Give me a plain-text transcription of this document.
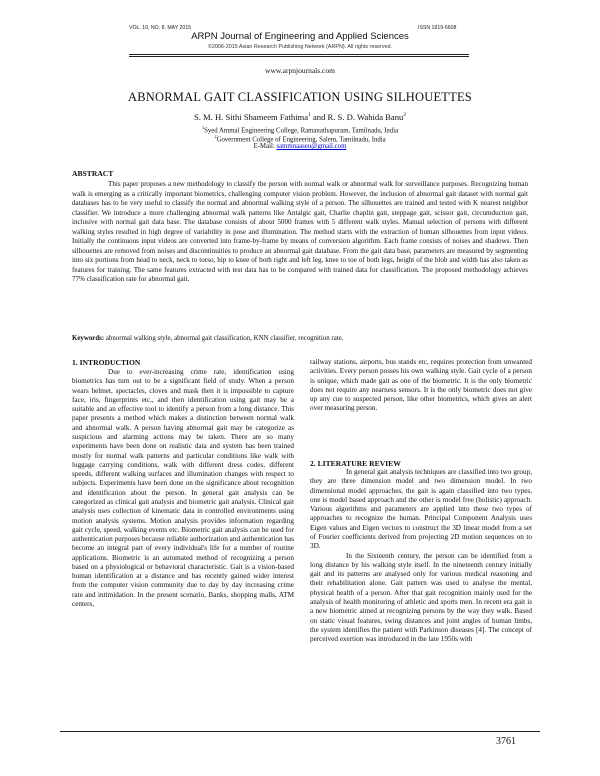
VOL. 10, NO. 8, MAY 2015	ISSN 1819-6608
ARPN Journal of Engineering and Applied Sciences
©2006-2015 Asian Research Publishing Network (ARPN). All rights reserved.
www.arpnjournals.com
ABNORMAL GAIT CLASSIFICATION USING SILHOUETTES
S. M. H. Sithi Shameem Fathima$^1$ and R. S. D. Wahida Banu$^2$
$^1$Syed Ammal Engineering College, Ramanathapuram, Tamilnadu, India
$^2$Government College of Engineering, Salem, Tamilnadu, India
E-Mail: sammnaaseu@gmail.com
ABSTRACT

This paper proposes a new methodology to classify the person with normal walk or abnormal walk for surveillance purposes. Recognizing human walk is emerging as a critically important biometrics, challenging computer vision problem. However, the inclusion of abnormal gait dataset with normal gait databases has to be very useful to classify the normal and abnormal walking style of a person. The silhouettes are trained and tested with K nearest neighbor classifier. We introduce a more challenging abnormal walk patterns like Antalgic gait, Charlie chaplin gait, steppage gait, scissor gait, circumduction gait, inclusive with normal gait data base. The database consists of about 5000 frames with 5 different walk styles. Manual selection of persons with different walking styles resulted in high degree of variability in pose and illumination. The method starts with the extraction of human silhouettes from input videos. Initially the continuous input videos are converted into frame-by-frame by means of conversion algorithm. Each frame consists of noises and shadows. Then silhouettes are removed from noises and discontinuities to produce an abnormal gait database. From the gait data base, parameters are measured by segmenting into six portions from head to neck, neck to torso, hip to knee of both right and left leg, knee to toe of both legs, height of the blob and width has also taken as features for training. The same features extracted with test data has to be compared with trained data for classification. The proposed methodology achieves 77% classification rate for abnormal gait.

Keywords: abnormal walking style, abnormal gait classification, KNN classifier, recognition rate.

1. INTRODUCTION

Due to ever-increasing crime rate, identification using biometrics has turn out to be a significant field of study. When a person wears helmet, spectacles, cloves and mask then it is impossible to capture face, iris, fingerprints etc., and then identification using gait may be a suitable and an effective tool to identify a person from a long distance. This paper presents a method which makes a distinction between normal walk and abnormal walk. A person having abnormal gait may be categorize as suspicious and alarming actions may be taken. There are so many experiments have been done on realistic data and system has been trained mostly for normal walk patterns and particular conditions like walk with luggage carrying conditions, walk with different dress codes, different speeds, different walking surfaces and illumination changes with respect to subjects. Experiments have been done on the significance about recognition and identification about the person. In general gait analysis can be categorized as clinical gait analysis and biometric gait analysis. Clinical gait analysis uses collection of kinematic data in controlled environments using motion analysis systems. Motion analysis provides information regarding gait cycle, speed, walking events etc. Biometric gait analysis can be used for authentication purposes because reliable authorization and authentication has become an integral part of every individual's life for a number of routine applications. Biometric is an automated method of recognizing a person based on a physiological or behavioral characteristic. Gait is a vision-based human identification at a distance and has recently gained wider interest from the computer vision community due to day by day increasing crime rate and intimidation. In the present scenario, Banks, shopping malls, ATM centers,

railway stations, airports, bus stands etc, requires protection from unwanted activities. Every person posses his own walking style. Gait cycle of a person is unique, which made gait as one of the biometric. It is the only biometric does not require any nearness sensors. It is the only biometric does not give up any cue to suspected person, like other biometrics, which gives an alert over measuring person.

2. LITERATURE REVIEW

In general gait analysis techniques are classified into two group, they are three dimension model and two dimension model. In two dimensional model approaches, the gait is again classified into two types, one is model based approach and the other is model free (holistic) approach. Various algorithms and parameters are applied into these two types of approaches to recognize the human. Principal Component Analysis uses Eigen values and Eigen vectors to construct the 3D linear model from a set of Fourier coefficients derived from projecting 2D motion sequences on to 3D.

In the Sixteenth century, the person can be identified from a long distance by his walking style itself. In the nineteenth century initially gait and its patterns are analysed only for various medical reasoning and their rehabilitation alone. Gait pattern was used to analyse the mental, physical health of a person. After that gait recognition mainly used for the analysis of health monitoring of athletic and sports men. In recent era gait is a new biometric aimed at recognizing persons by the way they walk. Based on static visual features, swing distances and joint angles of human limbs, the system identifies the patient with Parkinson diseases [4]. The concept of perceived exertion was introduced in the late 1950s with

3761
